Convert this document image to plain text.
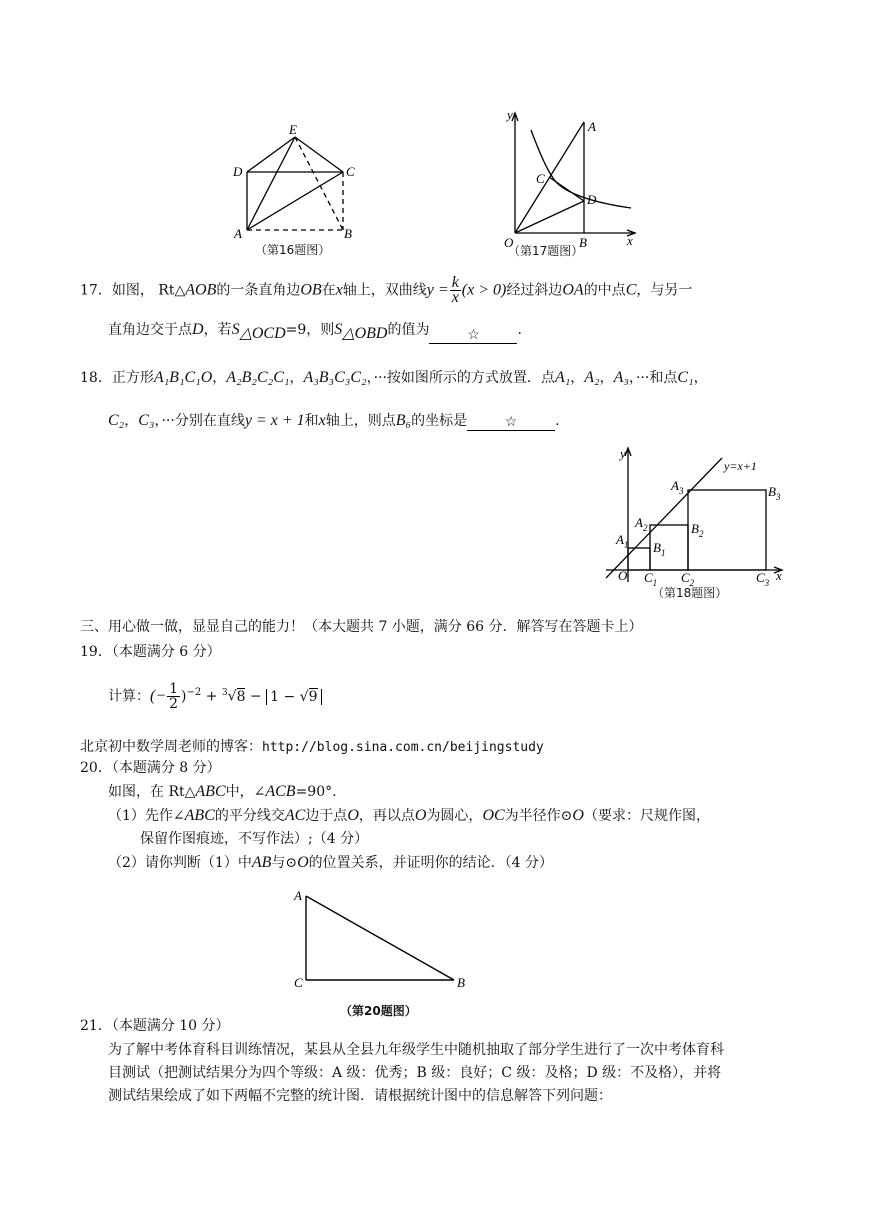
E
D	C
A	B
（第16题图）
y
A
C
D
O	B	x
（第17题图）
17．如图， Rt△AOB的一条直角边OB在x轴上，双曲线$y = \frac{k}{x} (x > 0)$经过斜边OA的中点C，与另一
直角边交于点D，若$S_{\triangle OCD}=9$，则$S_{\triangle OBD}$的值为	☆	.
18．正方形A₁B₁C₁O，A₂B₂C₂C₁，A₃B₃C₃C₂，···按如图所示的方式放置．点A₁，A₂，A₃，···和点C₁，
C₂，C₃，···分别在直线y = x + 1和x轴上，则点B₆的坐标是	☆	.
y
y=x+1
$A_3$	$B_3$
$A_2$	$B_2$
$A_1$ $B_1$
O $C_1$ $C_2$	$C_3$ x
（第18题图）
三、用心做一做，显显自己的能力！（本大题共 7 小题，满分 66 分．解答写在答题卡上）
19．（本题满分 6 分）
计算：(− $\frac{1}{2} )^{-2} + ^3√8 - 1 - √9$
北京初中数学周老师的博客：http://blog.sina.com.cn/beijingstudy
20．（本题满分 8 分）
如图，在 Rt△ABC中，∠ACB=90°．
（1）先作∠ABC的平分线交AC边于点O，再以点O为圆心，OC为半径作⊙O（要求：尺规作图，
保留作图痕迹，不写作法）;（4 分）
（2）请你判断（1）中AB与⊙O的位置关系，并证明你的结论．（4 分）
A
C	B
（第20题图）
21．（本题满分 10 分）
为了解中考体育科目训练情况，某县从全县九年级学生中随机抽取了部分学生进行了一次中考体育科
目测试（把测试结果分为四个等级：A 级：优秀；B 级：良好；C 级：及格；D 级：不及格），并将
测试结果绘成了如下两幅不完整的统计图．请根据统计图中的信息解答下列问题：
